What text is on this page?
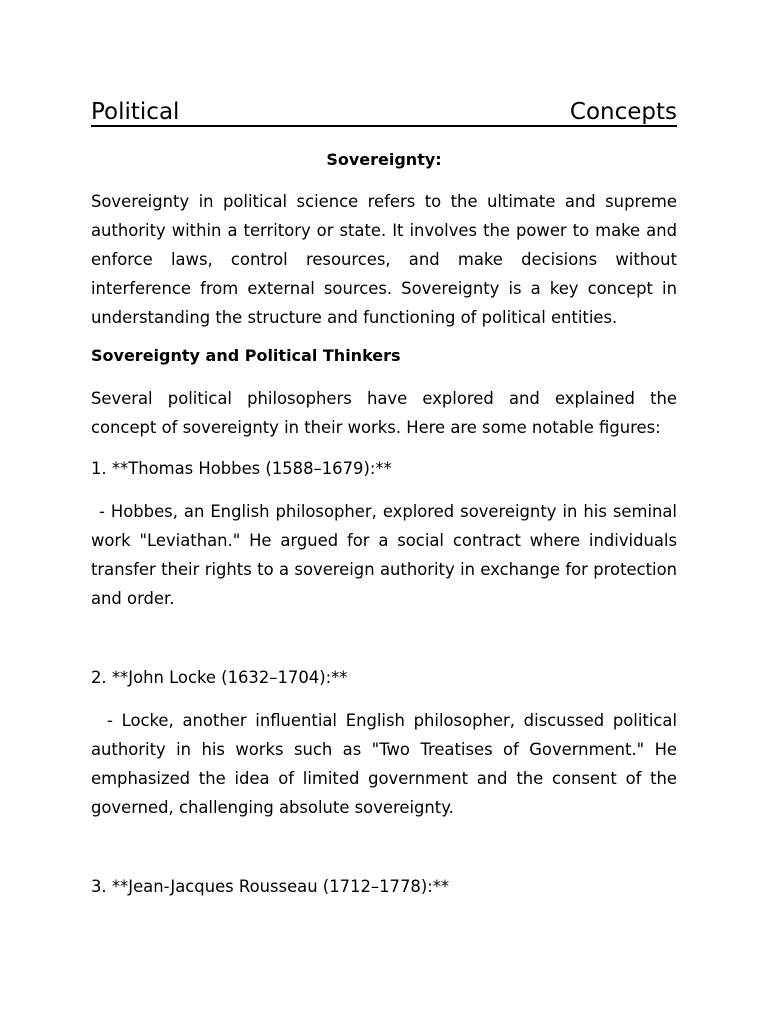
Political	Concepts
Sovereignty:

Sovereignty in political science refers to the ultimate and supreme authority within a territory or state. It involves the power to make and enforce laws, control resources, and make decisions without interference from external sources. Sovereignty is a key concept in understanding the structure and functioning of political entities.

Sovereignty and Political Thinkers

Several political philosophers have explored and explained the concept of sovereignty in their works. Here are some notable figures:

1. **Thomas Hobbes (1588–1679):**

- Hobbes, an English philosopher, explored sovereignty in his seminal work "Leviathan." He argued for a social contract where individuals transfer their rights to a sovereign authority in exchange for protection and order.

2. **John Locke (1632–1704):**

- Locke, another influential English philosopher, discussed political authority in his works such as "Two Treatises of Government." He emphasized the idea of limited government and the consent of the governed, challenging absolute sovereignty.

3. **Jean-Jacques Rousseau (1712–1778):**
